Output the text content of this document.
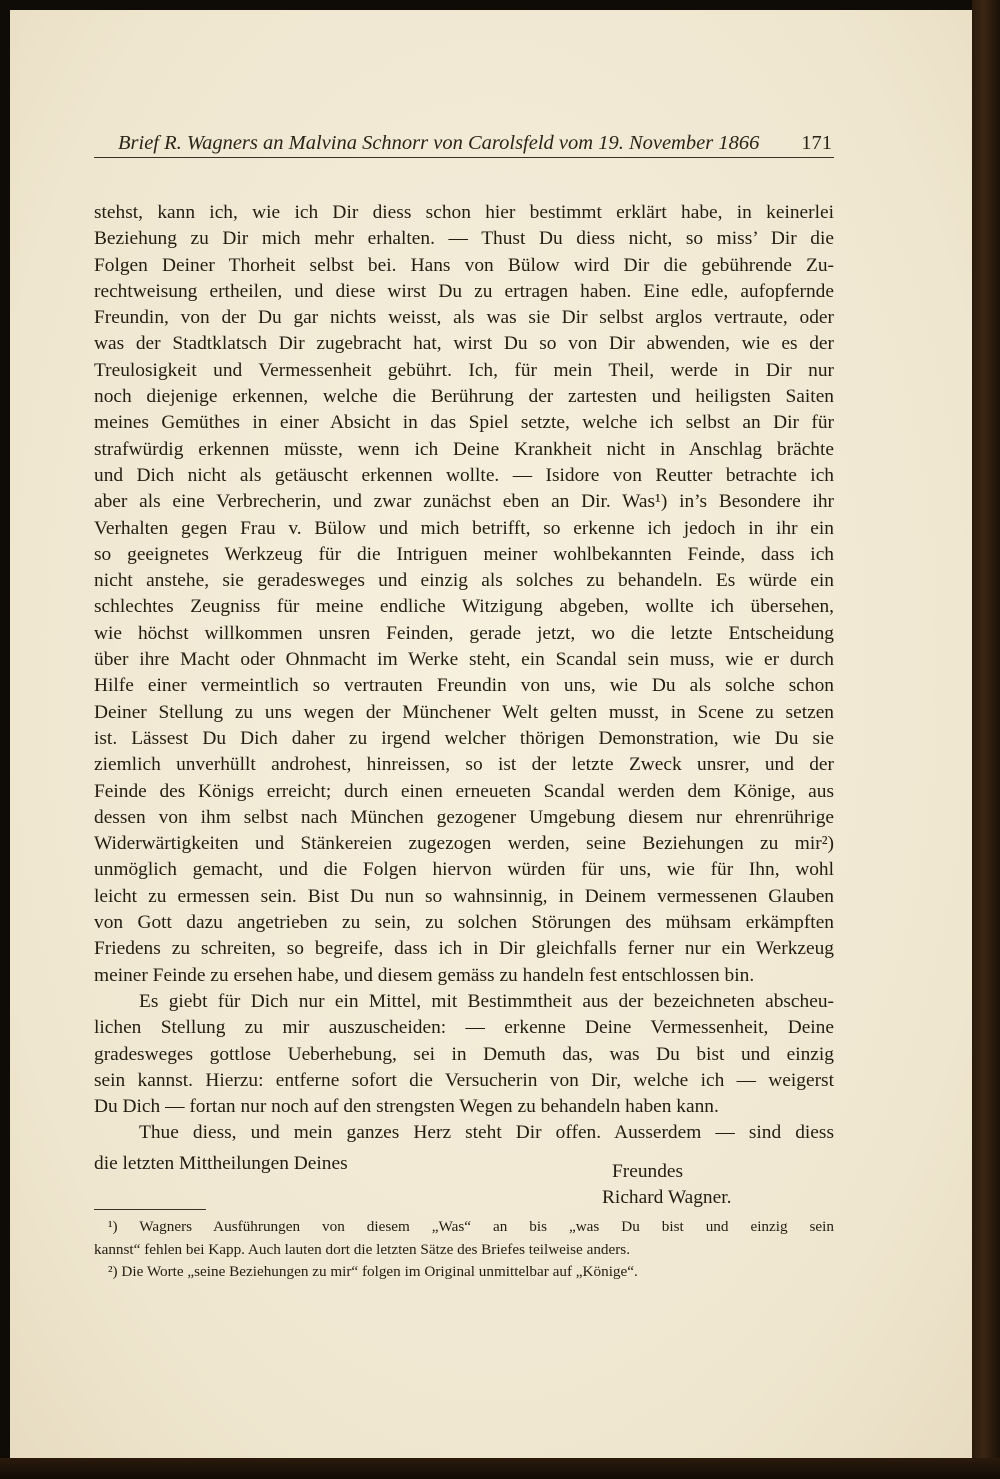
Brief R. Wagners an Malvina Schnorr von Carolsfeld vom 19. November 1866 171
stehst, kann ich, wie ich Dir diess schon hier bestimmt erklärt habe, in keinerlei
Beziehung zu Dir mich mehr erhalten. — Thust Du diess nicht, so miss’ Dir die
Folgen Deiner Thorheit selbst bei. Hans von Bülow wird Dir die gebührende Zu-
rechtweisung ertheilen, und diese wirst Du zu ertragen haben. Eine edle, aufopfernde
Freundin, von der Du gar nichts weisst, als was sie Dir selbst arglos vertraute, oder
was der Stadtklatsch Dir zugebracht hat, wirst Du so von Dir abwenden, wie es der
Treulosigkeit und Vermessenheit gebührt. Ich, für mein Theil, werde in Dir nur
noch diejenige erkennen, welche die Berührung der zartesten und heiligsten Saiten
meines Gemüthes in einer Absicht in das Spiel setzte, welche ich selbst an Dir für
strafwürdig erkennen müsste, wenn ich Deine Krankheit nicht in Anschlag brächte
und Dich nicht als getäuscht erkennen wollte. — Isidore von Reutter betrachte ich
aber als eine Verbrecherin, und zwar zunächst eben an Dir. Was¹) in’s Besondere ihr
Verhalten gegen Frau v. Bülow und mich betrifft, so erkenne ich jedoch in ihr ein
so geeignetes Werkzeug für die Intriguen meiner wohlbekannten Feinde, dass ich
nicht anstehe, sie geradesweges und einzig als solches zu behandeln. Es würde ein
schlechtes Zeugniss für meine endliche Witzigung abgeben, wollte ich übersehen,
wie höchst willkommen unsren Feinden, gerade jetzt, wo die letzte Entscheidung
über ihre Macht oder Ohnmacht im Werke steht, ein Scandal sein muss, wie er durch
Hilfe einer vermeintlich so vertrauten Freundin von uns, wie Du als solche schon
Deiner Stellung zu uns wegen der Münchener Welt gelten musst, in Scene zu setzen
ist. Lässest Du Dich daher zu irgend welcher thörigen Demonstration, wie Du sie
ziemlich unverhüllt androhest, hinreissen, so ist der letzte Zweck unsrer, und der
Feinde des Königs erreicht; durch einen erneueten Scandal werden dem Könige, aus
dessen von ihm selbst nach München gezogener Umgebung diesem nur ehrenrührige
Widerwärtigkeiten und Stänkereien zugezogen werden, seine Beziehungen zu mir²)
unmöglich gemacht, und die Folgen hiervon würden für uns, wie für Ihn, wohl
leicht zu ermessen sein. Bist Du nun so wahnsinnig, in Deinem vermessenen Glauben
von Gott dazu angetrieben zu sein, zu solchen Störungen des mühsam erkämpften
Friedens zu schreiten, so begreife, dass ich in Dir gleichfalls ferner nur ein Werkzeug
meiner Feinde zu ersehen habe, und diesem gemäss zu handeln fest entschlossen bin.
Es giebt für Dich nur ein Mittel, mit Bestimmtheit aus der bezeichneten abscheu-
lichen Stellung zu mir auszuscheiden: — erkenne Deine Vermessenheit, Deine
gradesweges gottlose Ueberhebung, sei in Demuth das, was Du bist und einzig
sein kannst. Hierzu: entferne sofort die Versucherin von Dir, welche ich — weigerst
Du Dich — fortan nur noch auf den strengsten Wegen zu behandeln haben kann.
Thue diess, und mein ganzes Herz steht Dir offen. Ausserdem — sind diess
die letzten Mittheilungen Deines	Freundes
Richard Wagner.
¹) Wagners Ausführungen von diesem „Was“ an bis „was Du bist und einzig sein
kannst“ fehlen bei Kapp. Auch lauten dort die letzten Sätze des Briefes teilweise anders.
²) Die Worte „seine Beziehungen zu mir“ folgen im Original unmittelbar auf „Könige“.
